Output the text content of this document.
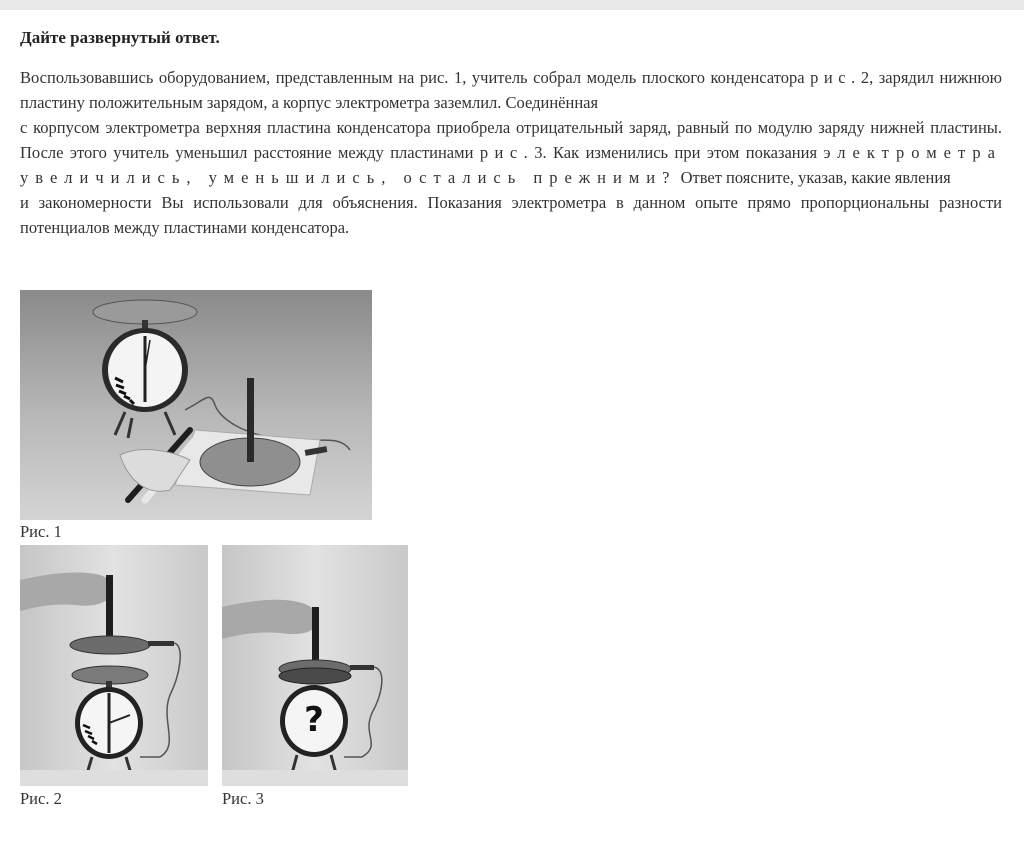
Дайте развернутый ответ.

Воспользовавшись оборудованием, представленным на рис. 1, учитель собрал модель плоского конденсатора р и с . 2, зарядил нижнюю пластину положительным зарядом, а корпус электрометра заземлил. Соединённая

с корпусом электрометра верхняя пластина конденсатора приобрела отрицательный заряд, равный по модулю заряду нижней пластины. После этого учитель уменьшил расстояние между пластинами р и с . 3. Как изменились при этом показания электрометра увеличились, уменьшились, остались прежними? Ответ поясните, указав, какие явления

и закономерности Вы использовали для объяснения. Показания электрометра в данном опыте прямо пропорциональны разности потенциалов между пластинами конденсатора.

Рис. 1
Рис. 2
?
Рис. 3
